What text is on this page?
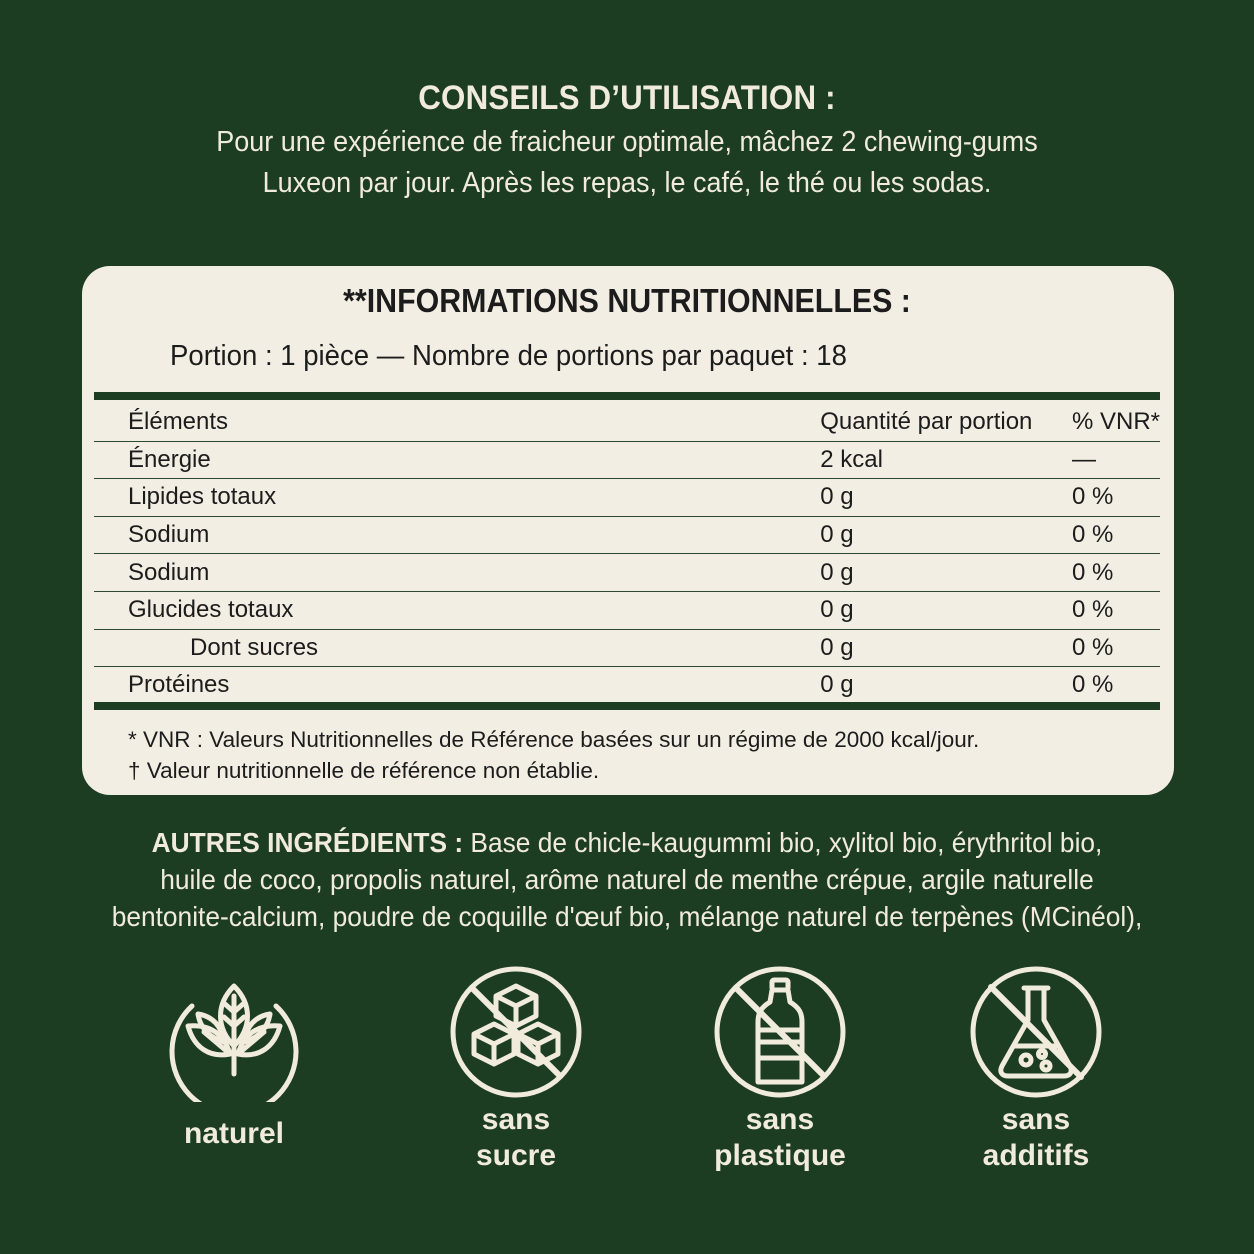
CONSEILS D’UTILISATION :
Pour une expérience de fraicheur optimale, mâchez 2 chewing-gums
Luxeon par jour. Après les repas, le café, le thé ou les sodas.
Portion : 1 pièce — Nombre de portions par paquet : 18
Éléments	Quantité par portion	% VNR*
Énergie	2 kcal	—
Lipides totaux	0 g	0 %
Sodium	0 g	0 %
Sodium	0 g	0 %
Glucides totaux	0 g	0 %
Dont sucres	0 g	0 %
Protéines	0 g	0 %
* VNR : Valeurs Nutritionnelles de Référence basées sur un régime de 2000 kcal/jour.
† Valeur nutritionnelle de référence non établie.
**INFORMATIONS NUTRITIONNELLES :
AUTRES INGRÉDIENTS : Base de chicle-kaugummi bio, xylitol bio, érythritol bio,
huile de coco, propolis naturel, arôme naturel de menthe crépue, argile naturelle
bentonite-calcium, poudre de coquille d'œuf bio, mélange naturel de terpènes (MCinéol),
naturel	sans
sucre
sans
plastique
sans
additifs
